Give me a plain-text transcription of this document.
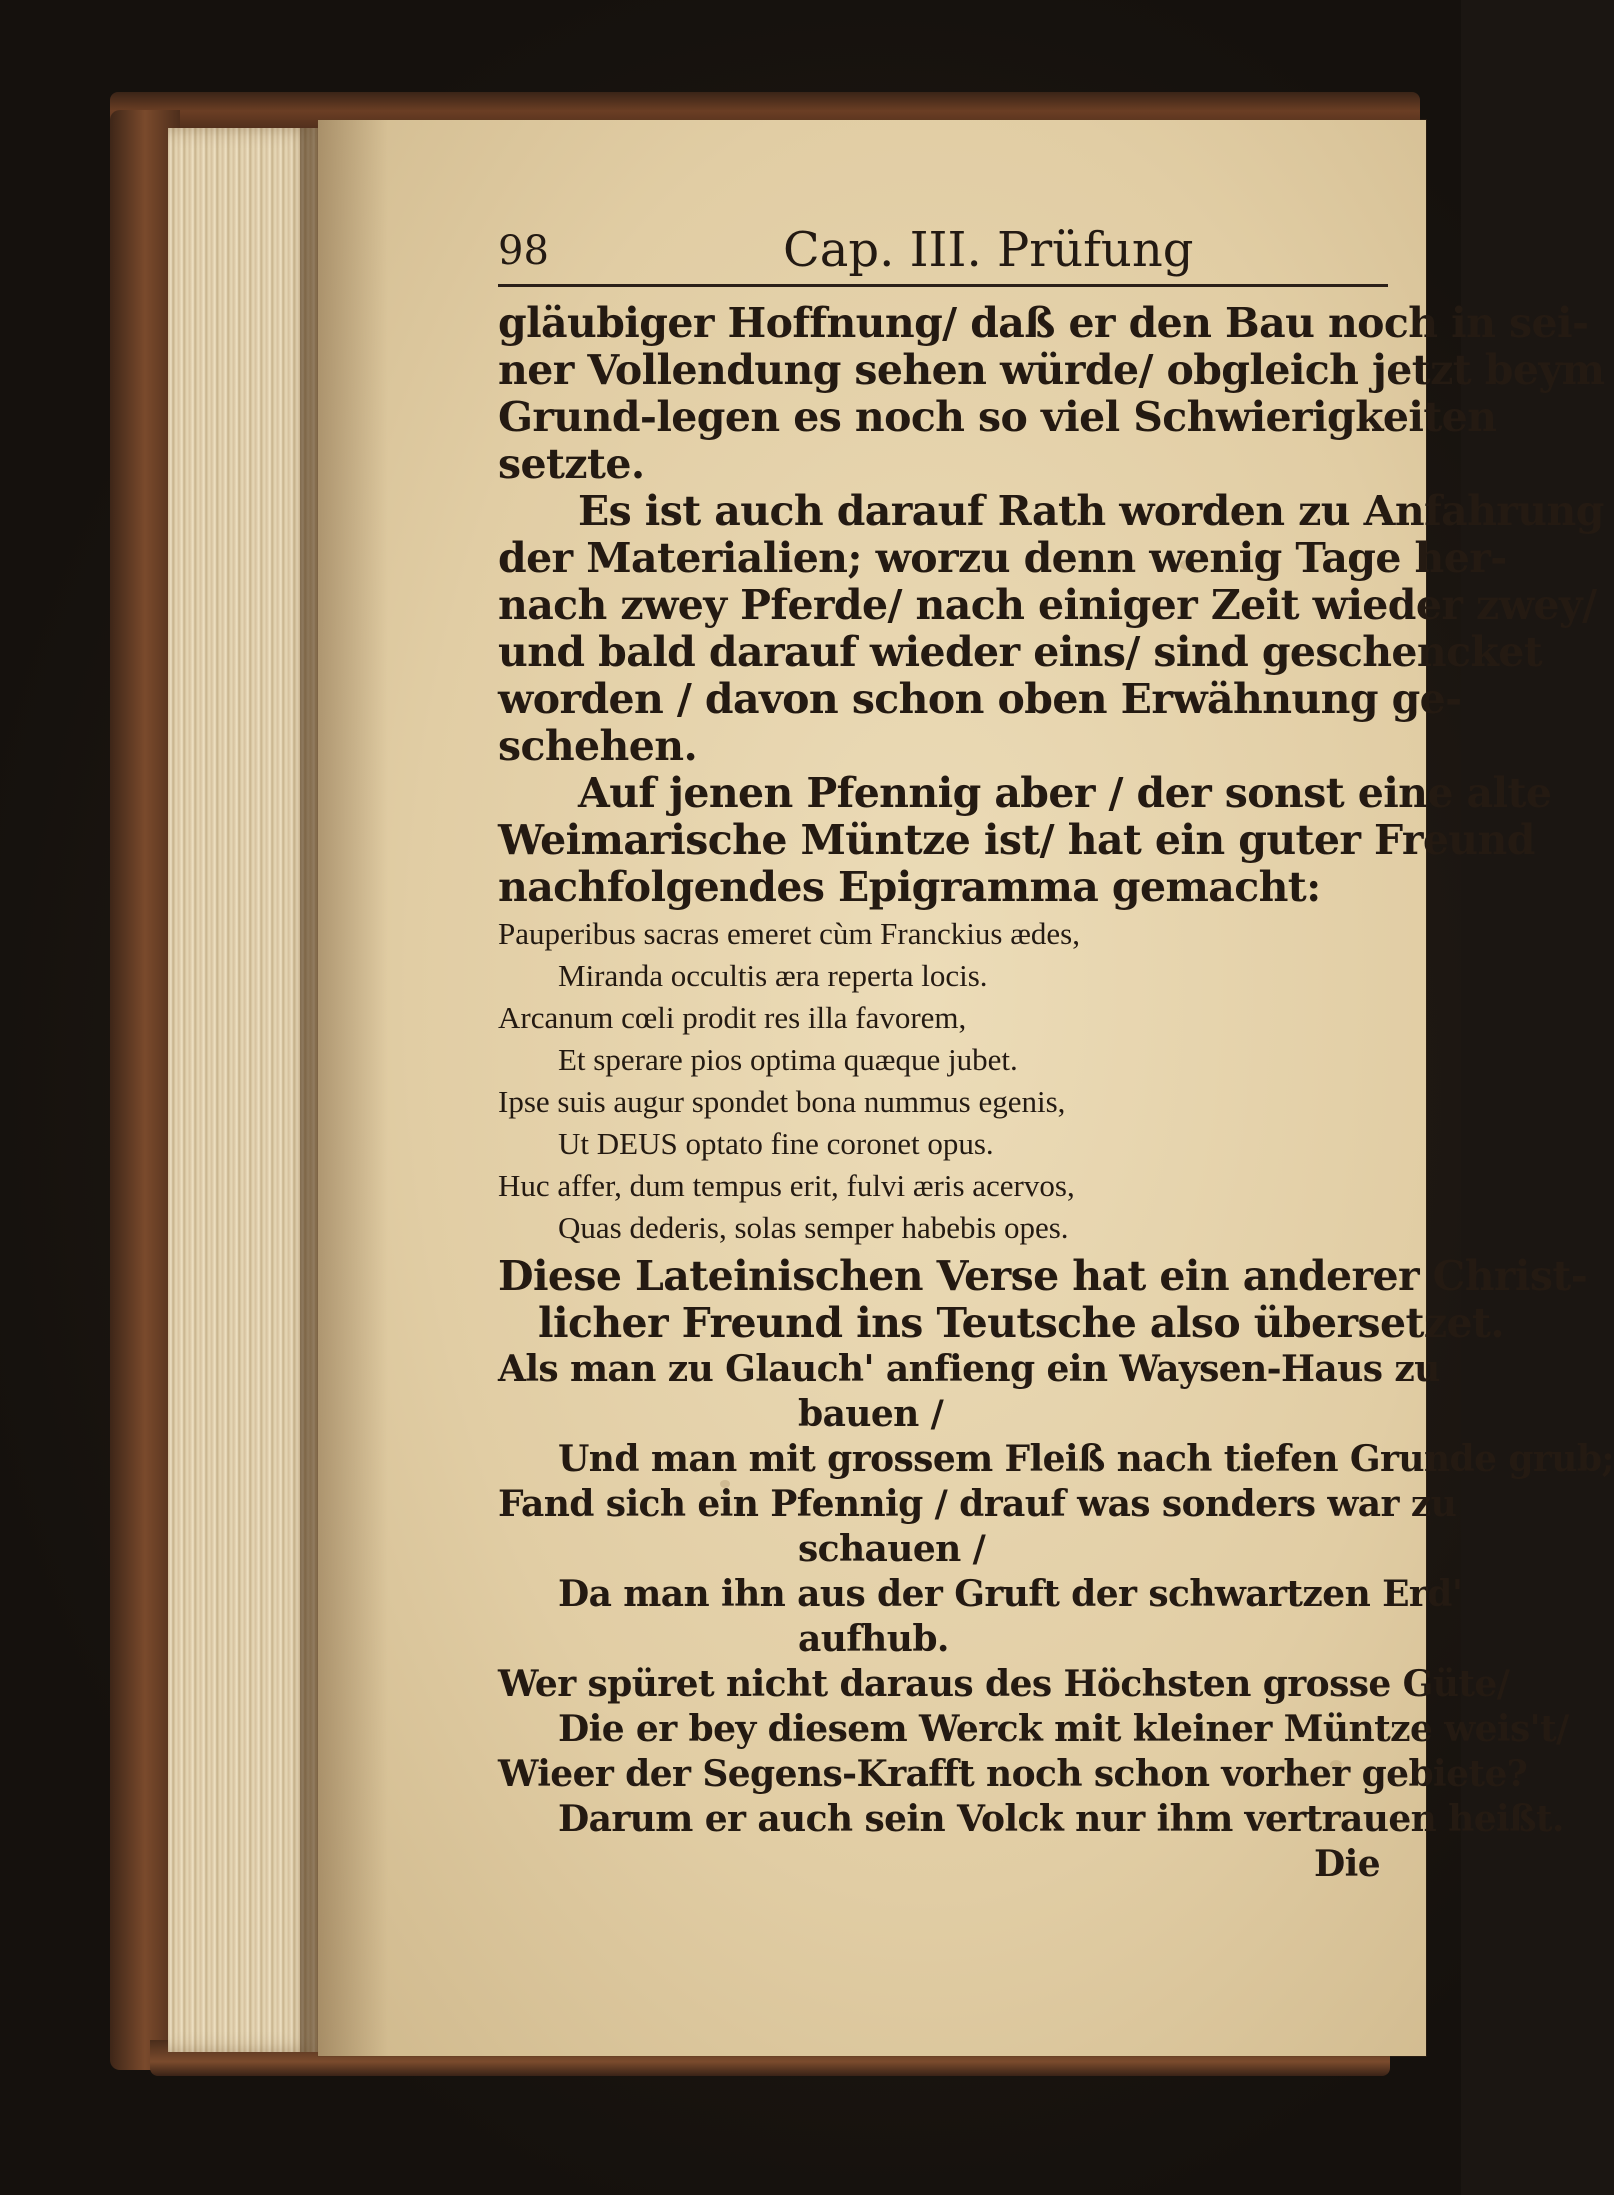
98	Cap. III. Prüfung
gläubiger Hoffnung/ daß er den Bau noch in sei-
ner Vollendung sehen würde/ obgleich jetzt beym
Grund-legen es noch so viel Schwierigkeiten
setzte.
Es ist auch darauf Rath worden zu Anfahrung
der Materialien; worzu denn wenig Tage her-
nach zwey Pferde/ nach einiger Zeit wieder zwey/
und bald darauf wieder eins/ sind geschencket
worden / davon schon oben Erwähnung ge-
schehen.
Auf jenen Pfennig aber / der sonst eine alte
Weimarische Müntze ist/ hat ein guter Freund
nachfolgendes Epigramma gemacht:
Pauperibus sacras emeret cùm Franckius ædes,
Miranda occultis æra reperta locis.
Arcanum cœli prodit res illa favorem,
Et sperare pios optima quæque jubet.
Ipse suis augur spondet bona nummus egenis,
Ut DEUS optato fine coronet opus.
Huc affer, dum tempus erit, fulvi æris acervos,
Quas dederis, solas semper habebis opes.
Diese Lateinischen Verse hat ein anderer Christ-
licher Freund ins Teutsche also übersetzet.
Als man zu Glauch' anfieng ein Waysen-Haus zu
bauen /
Und man mit grossem Fleiß nach tiefen Grunde grub;
Fand sich ein Pfennig / drauf was sonders war zu
schauen /
Da man ihn aus der Gruft der schwartzen Erd'
aufhub.
Wer spüret nicht daraus des Höchsten grosse Güte/
Die er bey diesem Werck mit kleiner Müntze weis't/
Wieer der Segens-Krafft noch schon vorher gebiete?
Darum er auch sein Volck nur ihm vertrauen heißt.
Die
